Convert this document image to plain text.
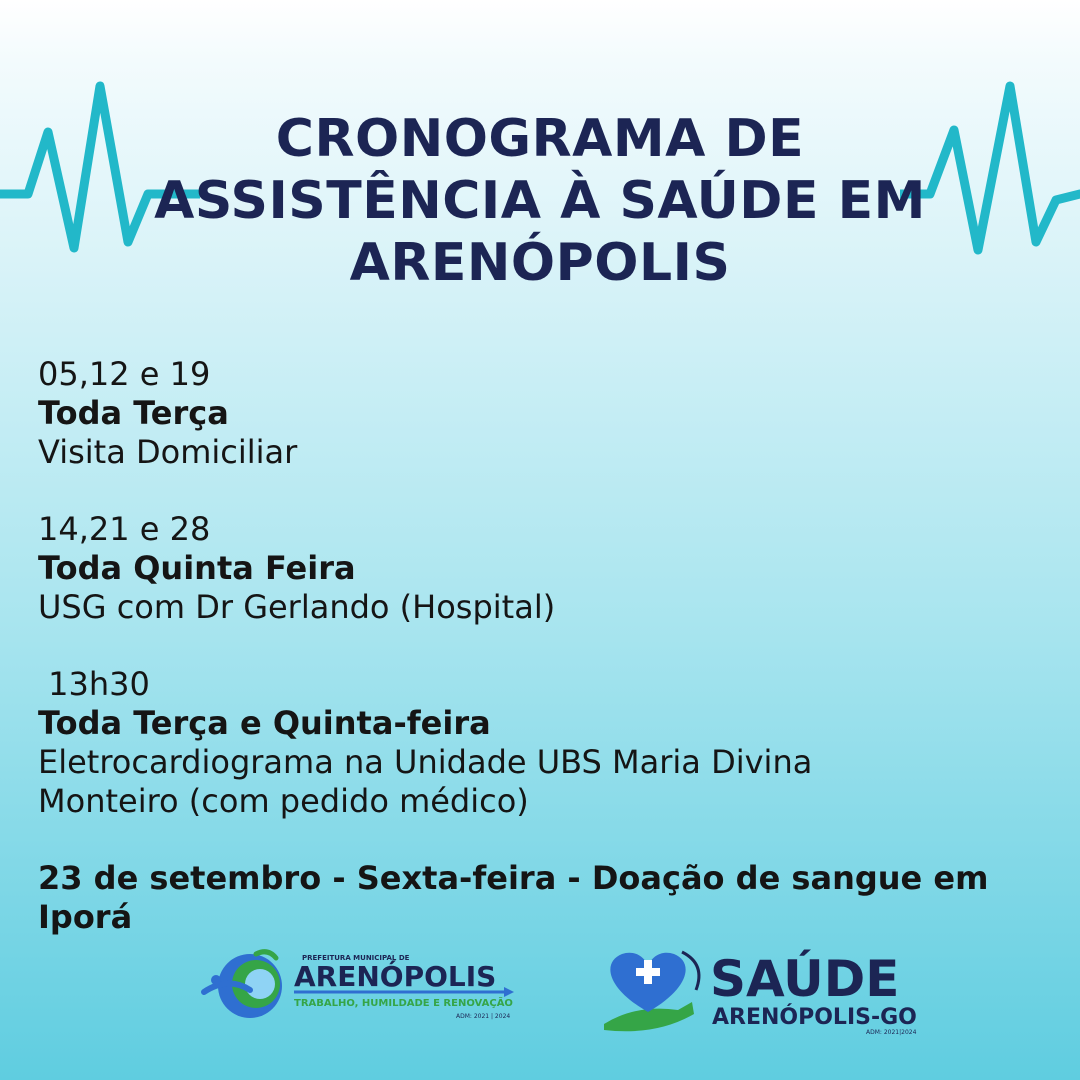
CRONOGRAMA DE
ASSISTÊNCIA À SAÚDE EM
ARENÓPOLIS
05,12 e 19
Toda Terça
Visita Domiciliar
14,21 e 28
Toda Quinta Feira
USG com Dr Gerlando (Hospital)
13h30
Toda Terça e Quinta-feira
Eletrocardiograma na Unidade UBS Maria Divina
Monteiro (com pedido médico)
23 de setembro - Sexta-feira - Doação de sangue em
Iporá
PREFEITURA MUNICIPAL DE
ARENÓPOLIS
TRABALHO, HUMILDADE E RENOVAÇÃO
ADM: 2021 | 2024
SAÚDE
ARENÓPOLIS-GO
ADM: 2021|2024
